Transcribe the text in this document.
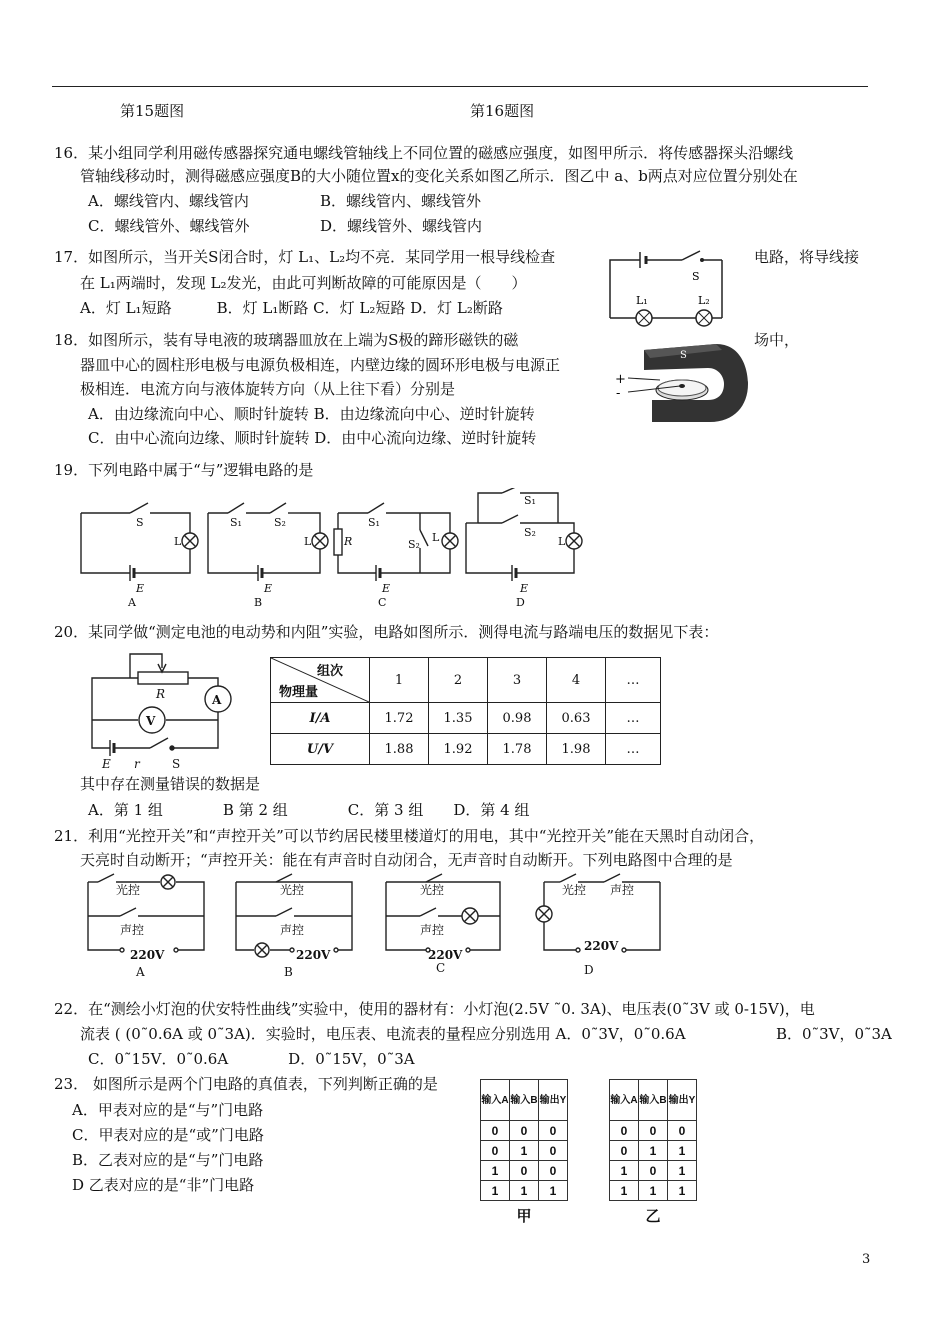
第15题图	第16题图
16．某小组同学利用磁传感器探究通电螺线管轴线上不同位置的磁感应强度，如图甲所示．将传感器探头沿螺线
管轴线移动时，测得磁感应强度B的大小随位置x的变化关系如图乙所示．图乙中 a、b两点对应位置分别处在
A．螺线管内、螺线管内	B．螺线管内、螺线管外
C．螺线管外、螺线管外	D．螺线管外、螺线管内
17．如图所示，当开关S闭合时，灯 L₁、L₂均不亮．某同学用一根导线检查	电路，将导线接
在 L₁两端时，发现 L₂发光，由此可判断故障的可能原因是（　　）
A．灯 L₁短路　　　B．灯 L₁断路 C．灯 L₂短路 D．灯 L₂断路
S
L₁	L₂
18．如图所示，装有导电液的玻璃器皿放在上端为S极的蹄形磁铁的磁	场中，
器皿中心的圆柱形电极与电源负极相连，内壁边缘的圆环形电极与电源正
极相连．电流方向与液体旋转方向（从上往下看）分别是
A．由边缘流向中心、顺时针旋转 B．由边缘流向中心、逆时针旋转
C．由中心流向边缘、顺时针旋转 D．由中心流向边缘、逆时针旋转
S
+
-
19．下列电路中属于“与”逻辑电路的是
S
L
E
A
S₁	S₂
L
E
B
R
S₁
S₂
L
E
C
S₁
S₂
L
E
D
20．某同学做“测定电池的电动势和内阻”实验，电路如图所示．测得电流与路端电压的数据见下表：
R	A
V
E r	S
组次
物理量	1	2	3	4	…
I/A	1.72	1.35	0.98	0.63	…
U/V	1.88	1.92	1.78	1.98	…
其中存在测量错误的数据是
A．第 1 组　　　　B 第 2 组　　　　C．第 3 组　　D．第 4 组
21．利用“光控开关”和“声控开关”可以节约居民楼里楼道灯的用电，其中“光控开关”能在天黑时自动闭合，
天亮时自动断开；“声控开关：能在有声音时自动闭合，无声音时自动断开。下列电路图中合理的是
光控
声控
220V
A
光控
声控
220V
B
光控
声控
220V
C
光控 声控
220V
D
22．在“测绘小灯泡的伏安特性曲线”实验中，使用的器材有：小灯泡(2.5V ˜0. 3A)、电压表(0˜3V 或 0-15V)，电
流表 ( (0˜0.6A 或 0˜3A)．实验时，电压表、电流表的量程应分别选用 A．0˜3V，0˜0.6A	B．0˜3V，0˜3A
C．0˜15V．0˜0.6A　　　　D．0˜15V，0˜3A
23． 如图所示是两个门电路的真值表，下列判断正确的是
A．甲表对应的是“与”门电路
C．甲表对应的是“或”门电路
B．乙表对应的是“与”门电路
D 乙表对应的是“非”门电路
输入A	输入B	输出Y
0	0	0
0	1	0
1	0	0
1	1	1
甲
输入A	输入B	输出Y
0	0	0
0	1	1
1	0	1
1	1	1
乙
3
